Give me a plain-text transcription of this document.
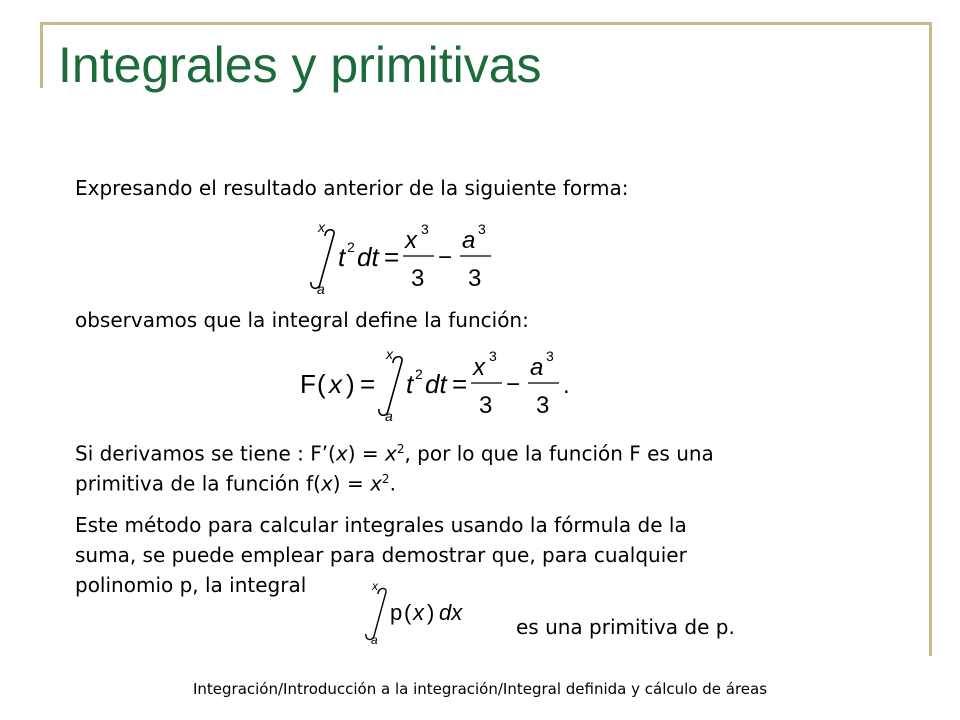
Integrales y primitivas
Expresando el resultado anterior de la siguiente forma:
x
a
t 2 dt =
x 3
3
−
a 3
3
observamos que la integral define la función:
F ( x ) =
x
a
t 2 dt =
x 3
3
−
a 3
3
.
Si derivamos se tiene : F’(x) = $x^2$, por lo que la función F es una
primitiva de la función $f(x) = x^2$.
Este método para calcular integrales usando la fórmula de la
suma, se puede emplear para demostrar que, para cualquier
polinomio p, la integral	x
a
p ( x ) dx
es una primitiva de p.
Integración/Introducción a la integración/Integral definida y cálculo de áreas
